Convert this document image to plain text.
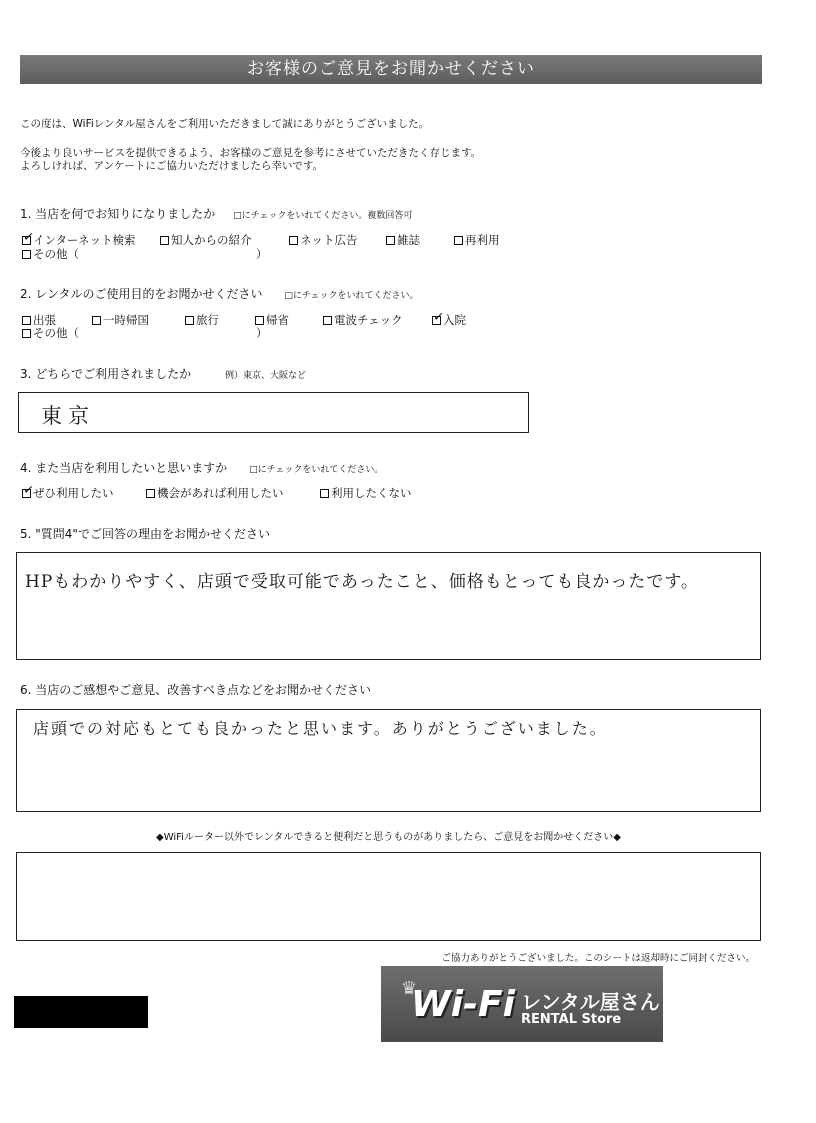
お客様のご意見をお聞かせください
この度は、WiFiレンタル屋さんをご利用いただきまして誠にありがとうございました。
今後より良いサービスを提供できるよう、お客様のご意見を参考にさせていただきたく存じます。
よろしければ、アンケートにご協力いただけましたら幸いです。
1. 当店を何でお知りになりましたか □にチェックをいれてください。複数回答可
✓
インターネット検索	知人からの紹介	ネット広告	雑誌	再利用
その他（	）
2. レンタルのご使用目的をお聞かせください □にチェックをいれてください。
出張	一時帰国	旅行	帰省	電波チェック ✓
入院
その他（	）
3. どちらでご利用されましたか	例）東京、大阪など
東京
4. また当店を利用したいと思いますか □にチェックをいれてください。
✓
ぜひ利用したい	機会があれば利用したい	利用したくない
5. "質問4"でご回答の理由をお聞かせください
HPもわかりやすく、店頭で受取可能であったこと、価格もとっても良かったです。
6. 当店のご感想やご意見、改善すべき点などをお聞かせください
店頭での対応もとても良かったと思います。ありがとうございました。
◆WiFiルーター以外でレンタルできると便利だと思うものがありましたら、ご意見をお聞かせください◆
ご協力ありがとうございました。このシートは返却時にご同封ください。
♛
Wi-Fi レンタル屋さん
RENTAL Store
